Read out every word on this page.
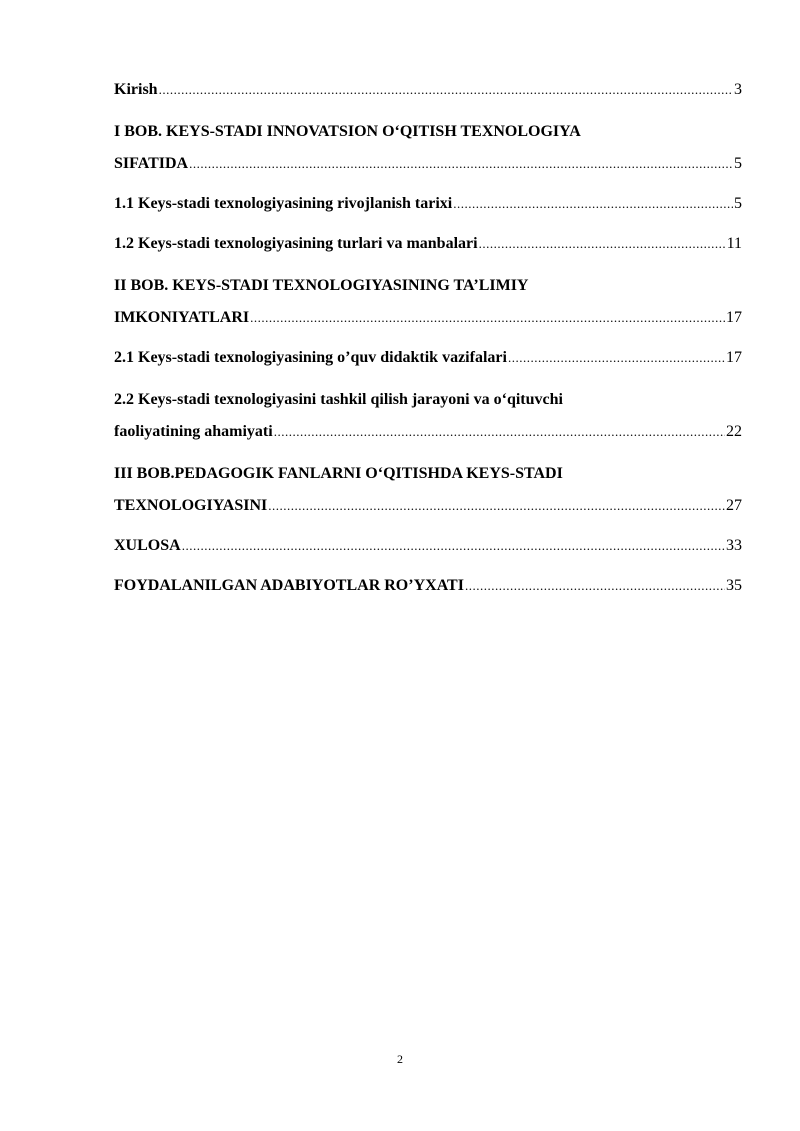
Kirish .....	3
I BOB. KEYS-STADI INNOVATSION O‘QITISH TEXNOLOGIYA
SIFATIDA .....	5
1.1 Keys-stadi texnologiyasining rivojlanish tarixi .....	5
1.2 Keys-stadi texnologiyasining turlari va manbalari .....	11
II BOB. KEYS-STADI TEXNOLOGIYASINING TA’LIMIY
IMKONIYATLARI .....	17
2.1 Keys-stadi texnologiyasining o’quv didaktik vazifalari .....	17
2.2 Keys-stadi texnologiyasini tashkil qilish jarayoni va o‘qituvchi
faoliyatining ahamiyati .....	22
III BOB.PEDAGOGIK FANLARNI O‘QITISHDA KEYS-STADI
TEXNOLOGIYASINI .....	27
XULOSA .....	33
FOYDALANILGAN ADABIYOTLAR RO’YXATI .....	35
2
